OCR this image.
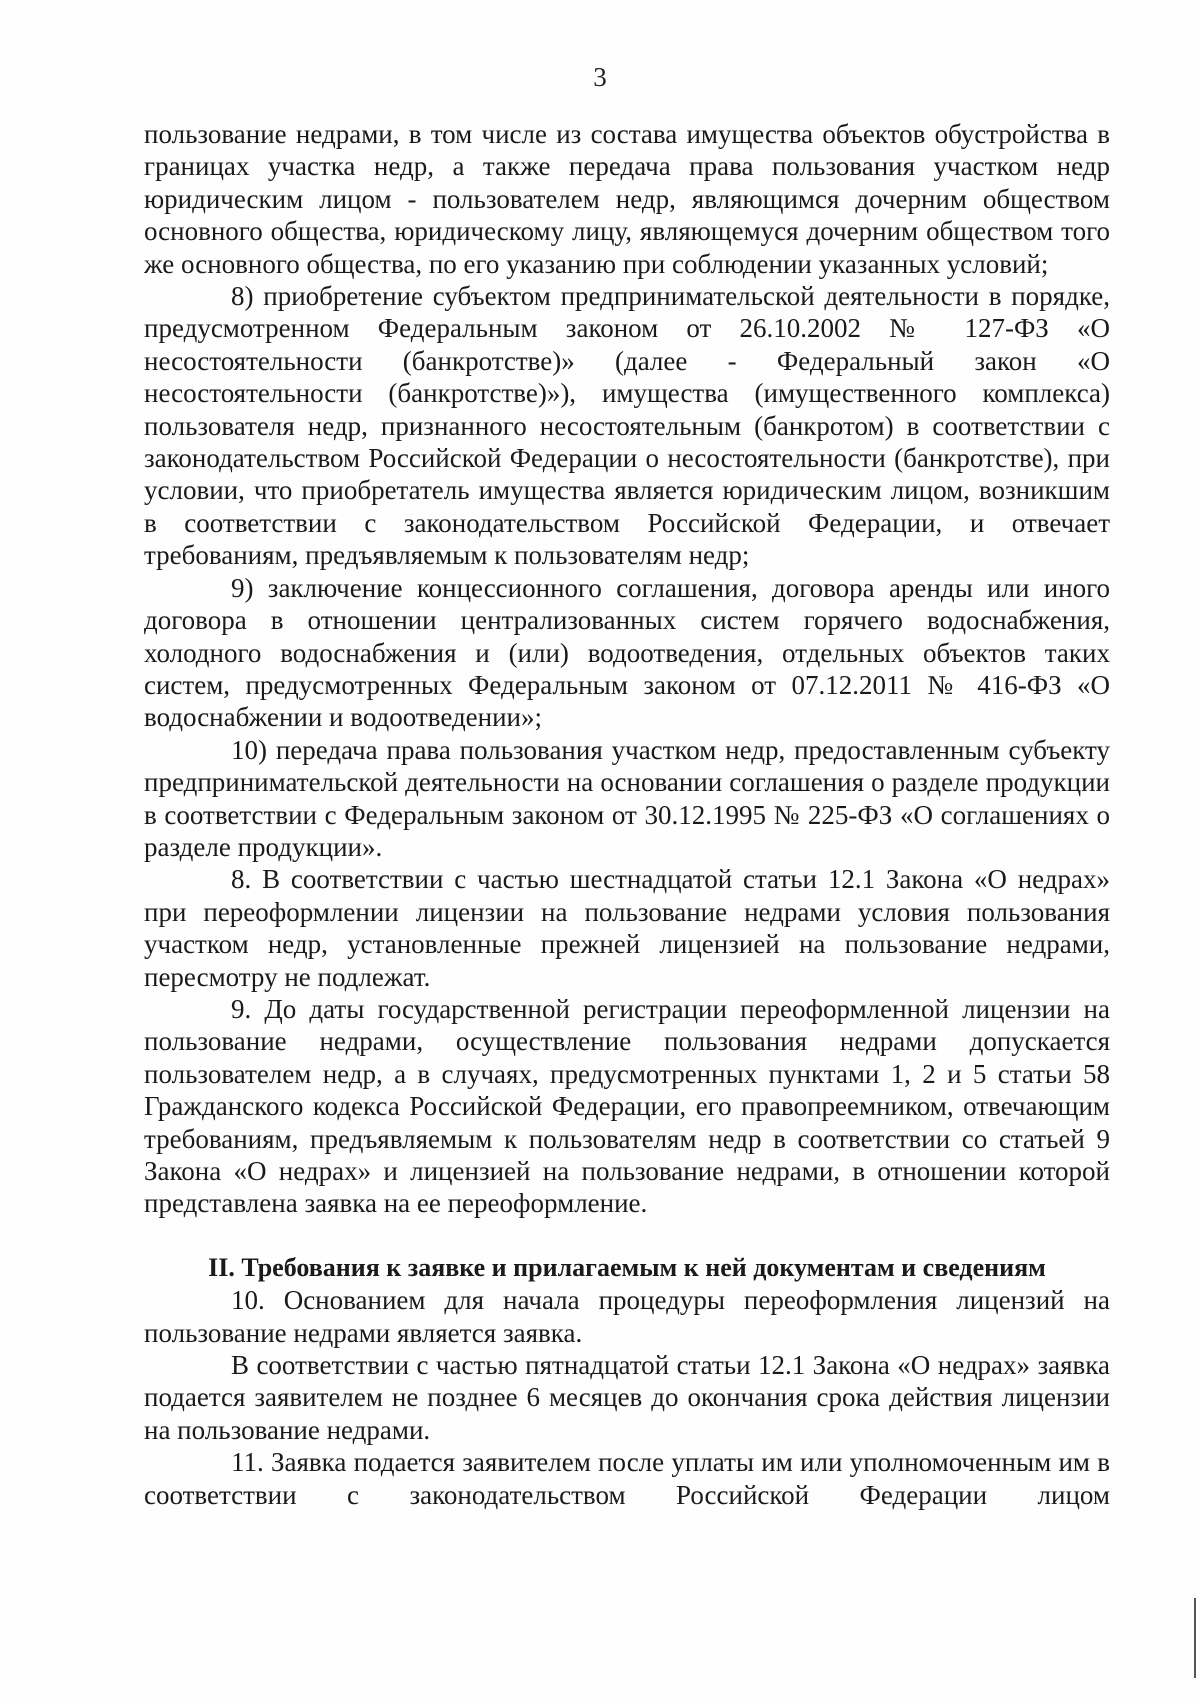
3

пользование недрами, в том числе из состава имущества объектов обустройства в границах участка недр, а также передача права пользования участком недр юридическим лицом - пользователем недр, являющимся дочерним обществом основного общества, юридическому лицу, являющемуся дочерним обществом того же основного общества, по его указанию при соблюдении указанных условий;

8) приобретение субъектом предпринимательской деятельности в порядке, предусмотренном Федеральным законом от 26.10.2002 № 127-ФЗ «О несостоятельности (банкротстве)» (далее - Федеральный закон «О несостоятельности (банкротстве)»), имущества (имущественного комплекса) пользователя недр, признанного несостоятельным (банкротом) в соответствии с законодательством Российской Федерации о несостоятельности (банкротстве), при условии, что приобретатель имущества является юридическим лицом, возникшим в соответствии с законодательством Российской Федерации, и отвечает требованиям, предъявляемым к пользователям недр;

9) заключение концессионного соглашения, договора аренды или иного договора в отношении централизованных систем горячего водоснабжения, холодного водоснабжения и (или) водоотведения, отдельных объектов таких систем, предусмотренных Федеральным законом от 07.12.2011 № 416-ФЗ «О водоснабжении и водоотведении»;

10) передача права пользования участком недр, предоставленным субъекту предпринимательской деятельности на основании соглашения о разделе продукции в соответствии с Федеральным законом от 30.12.1995 № 225-ФЗ «О соглашениях о разделе продукции».

8. В соответствии с частью шестнадцатой статьи 12.1 Закона «О недрах» при переоформлении лицензии на пользование недрами условия пользования участком недр, установленные прежней лицензией на пользование недрами, пересмотру не подлежат.

9. До даты государственной регистрации переоформленной лицензии на пользование недрами, осуществление пользования недрами допускается пользователем недр, а в случаях, предусмотренных пунктами 1, 2 и 5 статьи 58 Гражданского кодекса Российской Федерации, его правопреемником, отвечающим требованиям, предъявляемым к пользователям недр в соответствии со статьей 9 Закона «О недрах» и лицензией на пользование недрами, в отношении которой представлена заявка на ее переоформление.

II. Требования к заявке и прилагаемым к ней документам и сведениям

10. Основанием для начала процедуры переоформления лицензий на пользование недрами является заявка.

В соответствии с частью пятнадцатой статьи 12.1 Закона «О недрах» заявка подается заявителем не позднее 6 месяцев до окончания срока действия лицензии на пользование недрами.

11. Заявка подается заявителем после уплаты им или уполномоченным им в соответствии с законодательством Российской Федерации лицом
